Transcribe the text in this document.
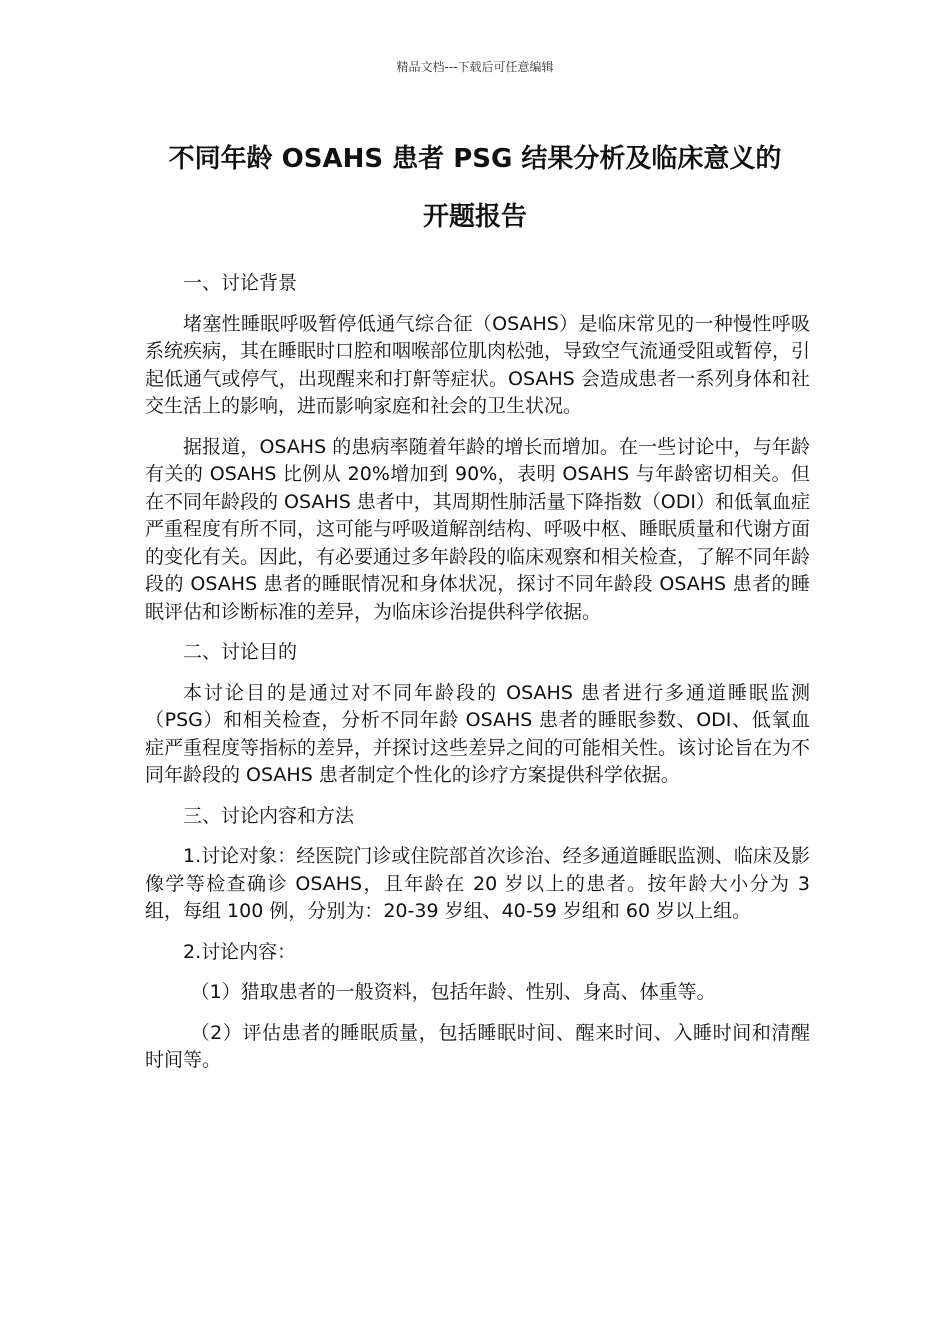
精品文档---下载后可任意编辑
不同年龄 OSAHS 患者 PSG 结果分析及临床意义的
开题报告

一、讨论背景

堵塞性睡眠呼吸暂停低通气综合征（OSAHS）是临床常见的一种慢性呼吸系统疾病，其在睡眠时口腔和咽喉部位肌肉松弛，导致空气流通受阻或暂停，引起低通气或停气，出现醒来和打鼾等症状。OSAHS 会造成患者一系列身体和社交生活上的影响，进而影响家庭和社会的卫生状况。

据报道，OSAHS 的患病率随着年龄的增长而增加。在一些讨论中，与年龄有关的 OSAHS 比例从 20%增加到 90%，表明 OSAHS 与年龄密切相关。但在不同年龄段的 OSAHS 患者中，其周期性肺活量下降指数（ODI）和低氧血症严重程度有所不同，这可能与呼吸道解剖结构、呼吸中枢、睡眠质量和代谢方面的变化有关。因此，有必要通过多年龄段的临床观察和相关检查，了解不同年龄段的 OSAHS 患者的睡眠情况和身体状况，探讨不同年龄段 OSAHS 患者的睡眠评估和诊断标准的差异，为临床诊治提供科学依据。

二、讨论目的

本讨论目的是通过对不同年龄段的 OSAHS 患者进行多通道睡眠监测（PSG）和相关检查，分析不同年龄 OSAHS 患者的睡眠参数、ODI、低氧血症严重程度等指标的差异，并探讨这些差异之间的可能相关性。该讨论旨在为不同年龄段的 OSAHS 患者制定个性化的诊疗方案提供科学依据。

三、讨论内容和方法

1.讨论对象：经医院门诊或住院部首次诊治、经多通道睡眠监测、临床及影像学等检查确诊 OSAHS，且年龄在 20 岁以上的患者。按年龄大小分为 3 组，每组 100 例，分别为：20-39 岁组、40-59 岁组和 60 岁以上组。

2.讨论内容：

（1）猎取患者的一般资料，包括年龄、性别、身高、体重等。

（2）评估患者的睡眠质量，包括睡眠时间、醒来时间、入睡时间和清醒时间等。
